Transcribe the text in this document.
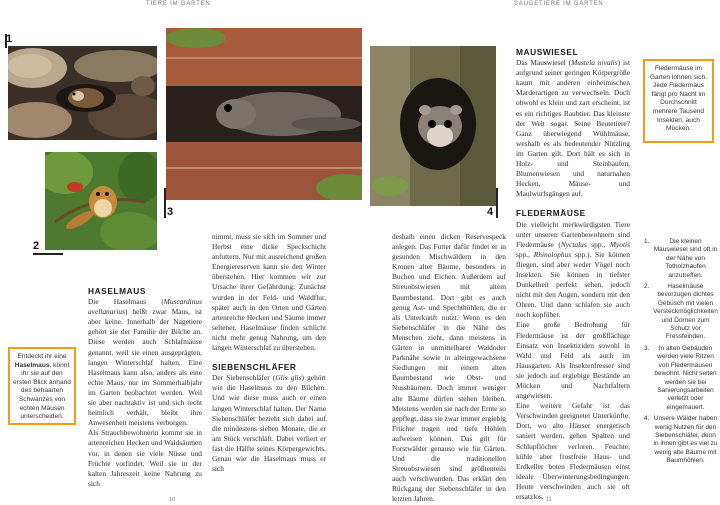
TIERE IM GARTEN	SÄUGETIERE IM GARTEN
1
2
3	4
Entdeckt ihr eine Haselmaus, könnt ihr sie auf den ersten Blick anhand des behaarten Schwanzes von echten Mäusen unterscheiden.
HASELMAUS

Die Haselmaus (Muscardinus avellanarius) heißt zwar Maus, ist aber keine. Innerhalb der Nagetiere gehört sie der Familie der Bilche an. Diese werden auch Schlafmäuse genannt, weil sie einen ausgeprägten, langen Winterschlaf halten. Eine Haselmaus kann also, anders als eine echte Maus, nur im Sommerhalbjahr im Garten beobachtet werden. Weil sie aber nachtaktiv ist und sich recht heimlich verhält, bleibt ihre Anwesenheit meistens verborgen.

Als Strauchbewohnerin kommt sie in artenreichen Hecken und Waldsäumen vor, in denen sie viele Nüsse und Früchte vorfindet. Weil sie in der kalten Jahreszeit keine Nahrung zu sich

nimmt, muss sie sich im Sommer und Herbst eine dicke Speckschicht anfuttern. Nur mit ausreichend großen Energiereserven kann sie den Winter überstehen. Hier kommen wir zur Ursache ihrer Gefährdung: Zunächst wurden in der Feld- und Waldflur, später auch in den Orten und Gärten artenreiche Hecken und Säume immer seltener. Haselmäuse finden schlicht nicht mehr genug Nahrung, um den langen Winterschlaf zu überstehen.

SIEBENSCHLÄFER

Der Siebenschläfer (Glis glis) gehört wie die Haselmaus zu den Bilchen. Und wie diese muss auch er einen langen Winterschlaf halten. Der Name Siebenschläfer bezieht sich dabei auf die mindestens sieben Monate, die er am Stück verschläft. Dabei verliert er fast die Hälfte seines Körpergewichts. Genau wie die Haselmaus muss er sich

deshalb einen dicken Reservespeck anlegen. Das Futter dafür findet er in gesunden Mischwäldern in den Kronen alter Bäume, besonders in Buchen und Eichen. Außerdem auf Streuobstwiesen mit altem Baumbestand. Dort gibt es auch genug Ast- und Spechthöhlen, die er als Unterkunft nutzt. Wenn es den Siebenschläfer in die Nähe des Menschen zieht, dann meistens in Gärten in unmittelbarer Waldoder Parknähe sowie in alteingewachsene Siedlungen mit einem alten Baumbestand wie Obst- und Nussbäumen. Doch immer weniger alte Bäume dürfen stehen bleiben. Meistens werden sie nach der Ernte so gepflegt, dass sie zwar immer ergiebig Früchte tragen und tiefe Höhlen aufweisen können. Das gilt für Forstwälder genauso wie für Gärten. Und die traditionellen Streuobstwiesen sind größtenteils auch verschwunden. Das erklärt den Rückgang der Siebenschläfer in den letzten Jahren.

MAUSWIESEL

Das Mauswiesel (Mustela nivalis) ist aufgrund seiner geringen Körpergröße kaum mit anderen einheimischen Marderartigen zu verwechseln. Doch obwohl es klein und zart erscheint, ist es ein richtiges Raubtier. Das kleinste der Welt sogar. Seine Beutetiere? Ganz überwiegend Wühlmäuse, weshalb es als bedeutender Nützling im Garten gilt. Dort hält es sich in Holz- und Steinhaufen, Blumenwiesen und naturnahen Hecken, Mäuse- und Maulwurfsgängen auf.

FLEDERMÄUSE

Die vielleicht merkwürdigsten Tiere unter unseren Gartenbewohnern sind Fledermäuse (Nyctalus spp., Myotis spp., Rhinolophus spp.). Sie können fliegen, sind aber weder Vögel noch Insekten. Sie können in tiefster Dunkelheit perfekt sehen, jedoch nicht mit den Augen, sondern mit den Ohren. Und dann schlafen sie auch noch kopfüber.

Eine große Bedrohung für Fledermäuse ist der großflächige Einsatz von Insektiziden sowohl in Wald und Feld als auch im Hausgarten. Als Insektenfresser sind sie jedoch auf ergiebige Bestände an Mücken und Nachtfaltern angewiesen.

Eine weitere Gefahr ist das Verschwinden geeigneter Unterkünfte. Dort, wo alte Häuser energetisch saniert werden, gehen Spalten und Schlupflöcher verloren. Feuchte, kühle aber frostfreie Haus- und Erdkeller boten Fledermäusen einst ideale Überwinterungsbedingungen. Heute verschwinden auch sie oft ersatzlos.

Fledermäuse im Garten lohnen sich. Jede Fledermaus fängt pro Nacht im Durchschnitt mehrere Tausend Insekten, auch Mücken.
1.	Die kleinen Mauswiesel sind oft in der Nähe von Totholzhaufen anzutreffen.
2.	Haselmäuse bevorzugen dichtes Gebüsch mit vielen Versteckmöglichkeiten und Dornen zum Schutz vor Fressfeinden.
3.	In alten Gebäuden werden viele Ritzen von Fledermäusen bewohnt. Nicht selten werden sie bei Sanierungsarbeiten verletzt oder eingemauert.
4. Unsere Wälder haben wenig Nutzen für den Siebenschläfer, denn in ihnen gibt es viel zu wenig alte Bäume mit Baumhöhlen.
10	11
